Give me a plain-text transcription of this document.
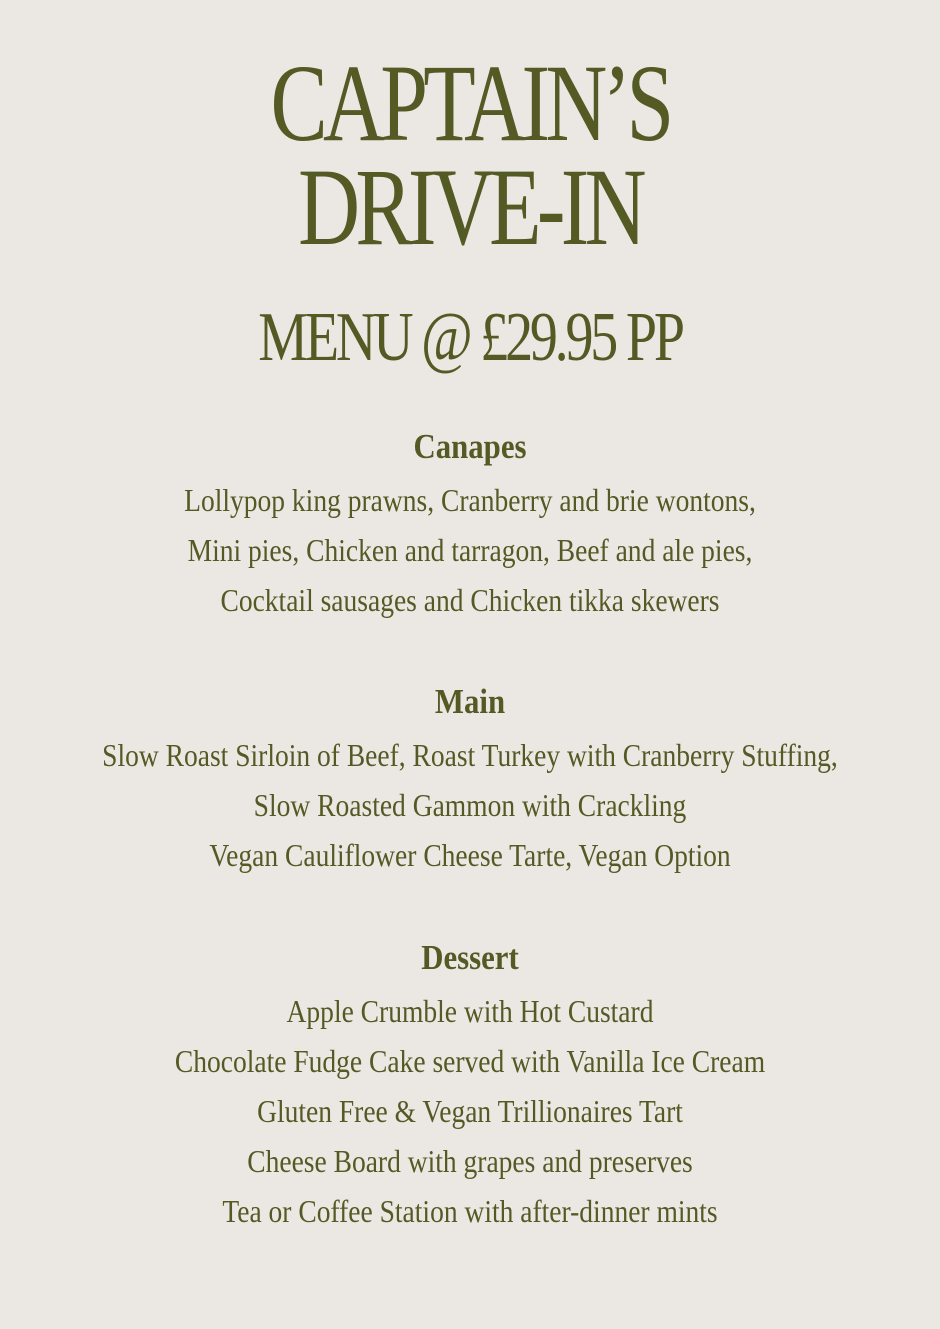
CAPTAIN’S
DRIVE-IN
MENU @ £29.95 PP
Canapes
Lollypop king prawns, Cranberry and brie wontons,
Mini pies, Chicken and tarragon, Beef and ale pies,
Cocktail sausages and Chicken tikka skewers
Main
Slow Roast Sirloin of Beef, Roast Turkey with Cranberry Stuffing,
Slow Roasted Gammon with Crackling
Vegan Cauliflower Cheese Tarte, Vegan Option
Dessert
Apple Crumble with Hot Custard
Chocolate Fudge Cake served with Vanilla Ice Cream
Gluten Free & Vegan Trillionaires Tart
Cheese Board with grapes and preserves
Tea or Coffee Station with after-dinner mints
